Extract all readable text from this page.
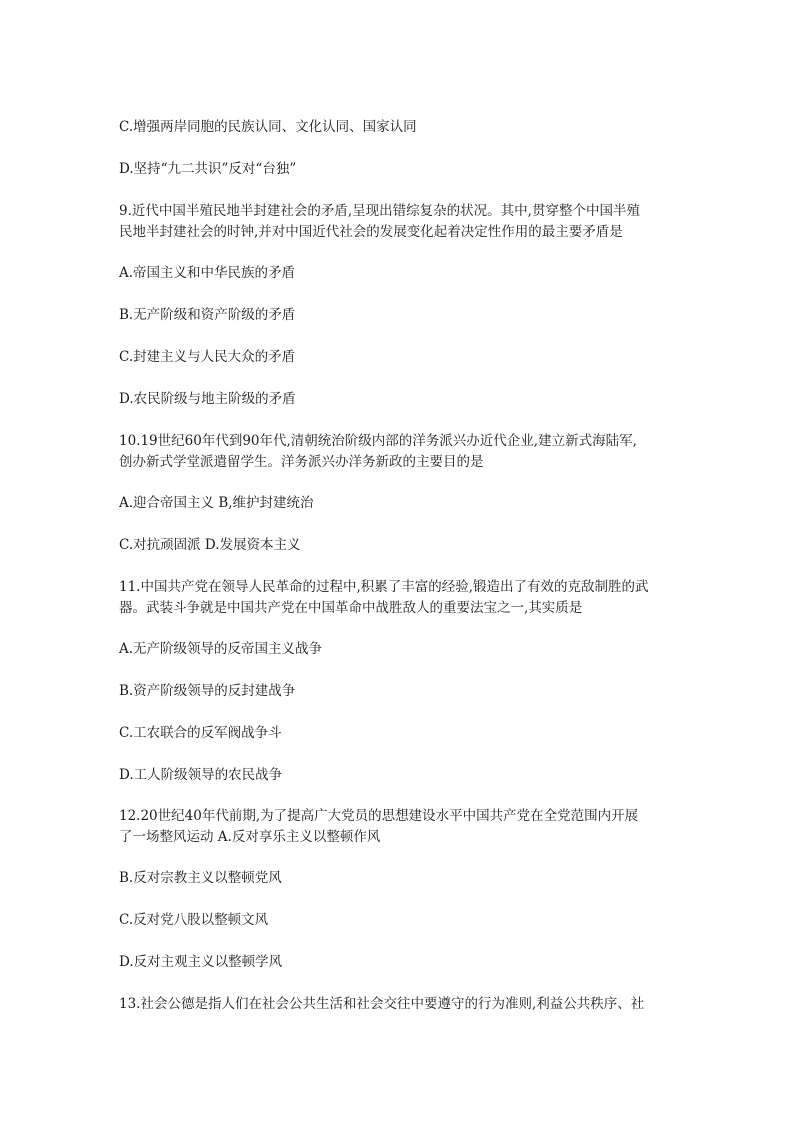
C.增强两岸同胞的民族认同、文化认同、国家认同
D.坚持“九二共识”反对“台独”
9.近代中国半殖民地半封建社会的矛盾,呈现出错综复杂的状况。其中,贯穿整个中国半殖
民地半封建社会的时钟,并对中国近代社会的发展变化起着决定性作用的最主要矛盾是
A.帝国主义和中华民族的矛盾
B.无产阶级和资产阶级的矛盾
C.封建主义与人民大众的矛盾
D.农民阶级与地主阶级的矛盾
10.19世纪60年代到90年代,清朝统治阶级内部的洋务派兴办近代企业,建立新式海陆军,
创办新式学堂派遣留学生。洋务派兴办洋务新政的主要目的是
A.迎合帝国主义 B,维护封建统治
C.对抗顽固派 D.发展资本主义
11.中国共产党在领导人民革命的过程中,积累了丰富的经验,锻造出了有效的克敌制胜的武
器。武装斗争就是中国共产党在中国革命中战胜敌人的重要法宝之一,其实质是
A.无产阶级领导的反帝国主义战争
B.资产阶级领导的反封建战争
C.工农联合的反军阀战争斗
D.工人阶级领导的农民战争
12.20世纪40年代前期,为了提高广大党员的思想建设水平中国共产党在全党范围内开展
了一场整风运动 A.反对享乐主义以整顿作风
B.反对宗教主义以整顿党风
C.反对党八股以整顿文风
D.反对主观主义以整顿学风
13.社会公德是指人们在社会公共生活和社会交往中要遵守的行为准则,利益公共秩序、社
